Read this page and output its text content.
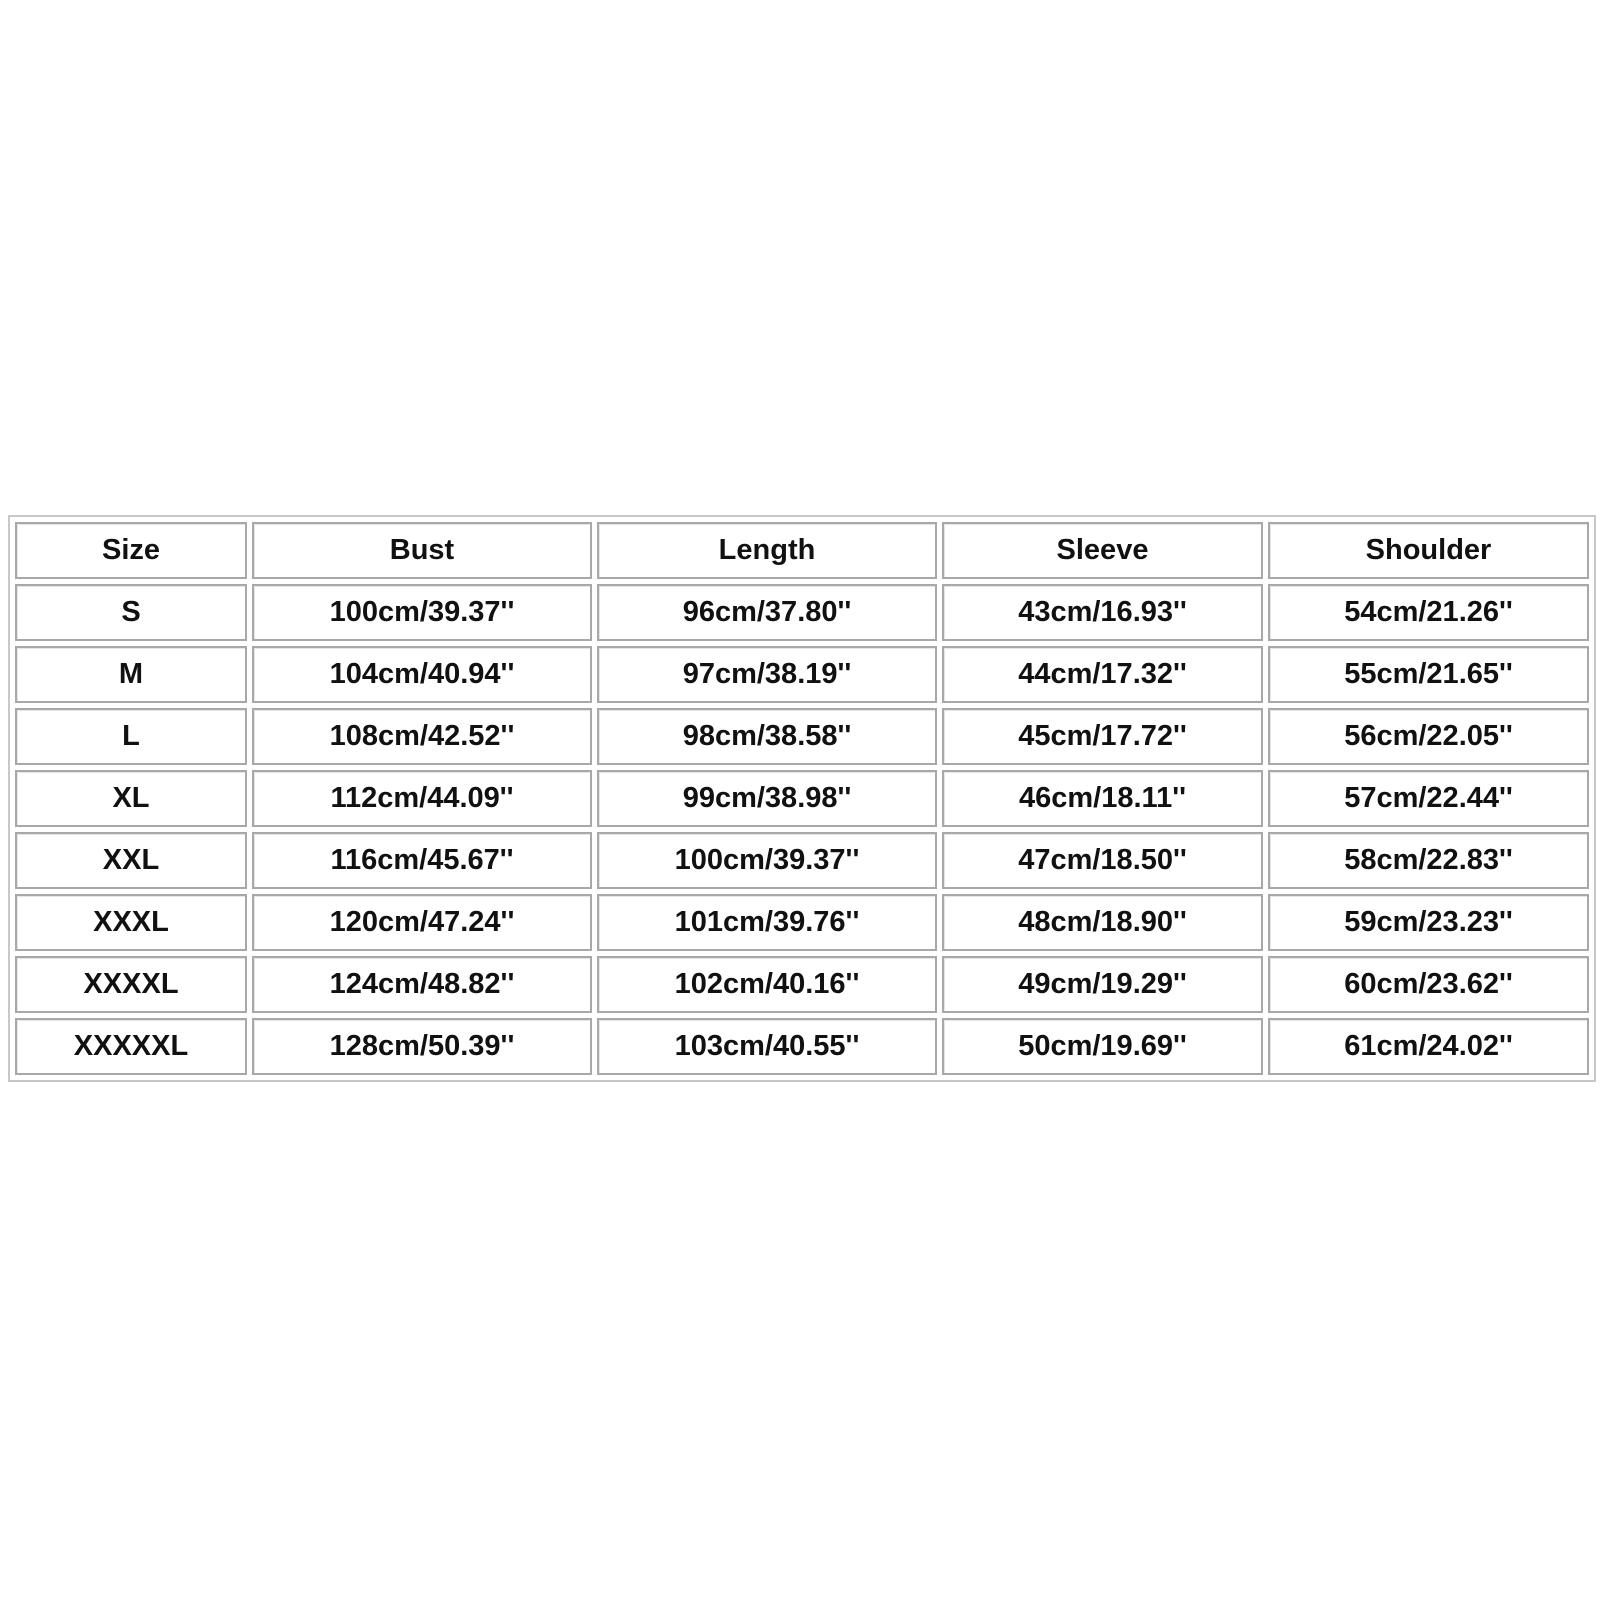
Size	Bust	Length	Sleeve	Shoulder
S	100cm/39.37''	96cm/37.80''	43cm/16.93''	54cm/21.26''
M	104cm/40.94''	97cm/38.19''	44cm/17.32''	55cm/21.65''
L	108cm/42.52''	98cm/38.58''	45cm/17.72''	56cm/22.05''
XL	112cm/44.09''	99cm/38.98''	46cm/18.11''	57cm/22.44''
XXL	116cm/45.67''	100cm/39.37''	47cm/18.50''	58cm/22.83''
XXXL	120cm/47.24''	101cm/39.76''	48cm/18.90''	59cm/23.23''
XXXXL	124cm/48.82''	102cm/40.16''	49cm/19.29''	60cm/23.62''
XXXXXL	128cm/50.39''	103cm/40.55''	50cm/19.69''	61cm/24.02''
